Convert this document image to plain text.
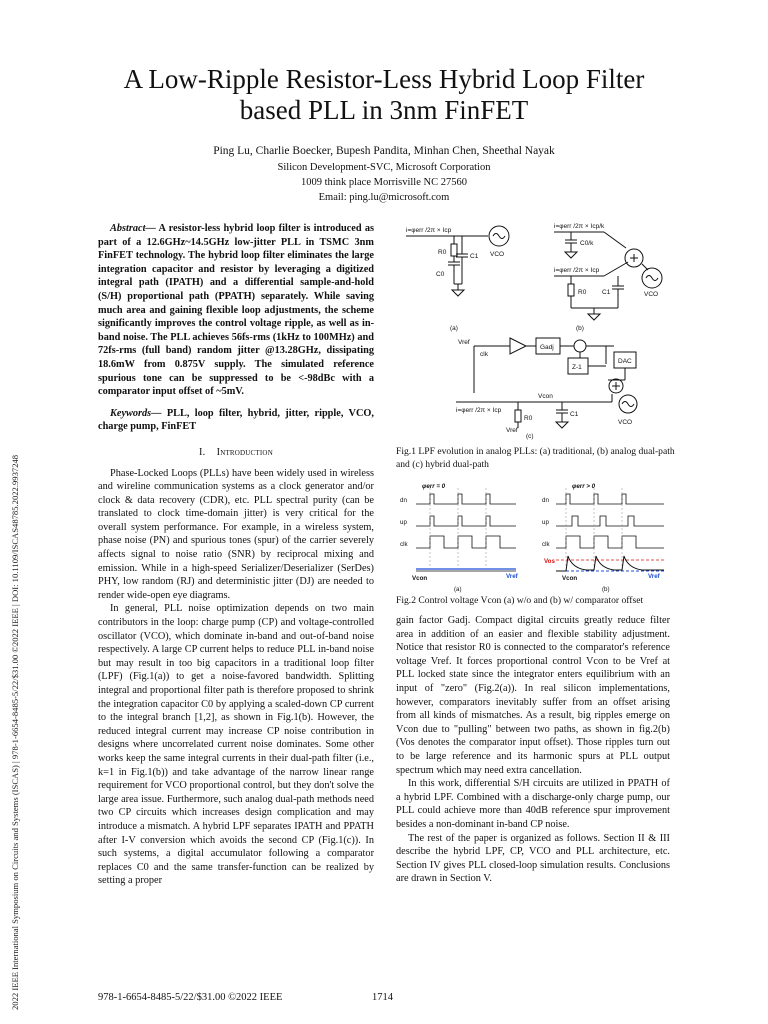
2022 IEEE International Symposium on Circuits and Systems (ISCAS) | 978-1-6654-8485-5/22/$31.00 ©2022 IEEE | DOI: 10.1109/ISCAS48785.2022.9937248
A Low-Ripple Resistor-Less Hybrid Loop Filter
based PLL in 3nm FinFET
Ping Lu, Charlie Boecker, Bupesh Pandita, Minhan Chen, Sheethal Nayak
Silicon Development-SVC, Microsoft Corporation
1009 think place Morrisville NC 27560
Email: ping.lu@microsoft.com

Abstract— A resistor-less hybrid loop filter is introduced as part of a 12.6GHz~14.5GHz low-jitter PLL in TSMC 3nm FinFET technology. The hybrid loop filter eliminates the large integration capacitor and resistor by leveraging a digitized integral path (IPATH) and a differential sample-and-hold (S/H) proportional path (PPATH) separately. While saving much area and gaining flexible loop adjustments, the scheme significantly improves the control voltage ripple, as well as in-band noise. The PLL achieves 56fs-rms (1kHz to 100MHz) and 72fs-rms (full band) random jitter @13.28GHz, dissipating 18.6mW from 0.875V supply. The simulated reference spurious tone can be suppressed to be <-98dBc with a comparator input offset of ~5mV.

Keywords— PLL, loop filter, hybrid, jitter, ripple, VCO, charge pump, FinFET

I. Introduction

Phase-Locked Loops (PLLs) have been widely used in wireless and wireline communication systems as a clock generator and/or clock & data recovery (CDR), etc. PLL spectral purity (can be translated to clock time-domain jitter) is very critical for the overall system performance. For example, in a wireless system, phase noise (PN) and spurious tones (spur) of the carrier severely affects signal to noise ratio (SNR) by reciprocal mixing and emission. While in a high-speed Serializer/Deserializer (SerDes) PHY, low random (RJ) and deterministic jitter (DJ) are needed to render wide-open eye diagrams.

In general, PLL noise optimization depends on two main contributors in the loop: charge pump (CP) and voltage-controlled oscillator (VCO), which dominate in-band and out-of-band noise respectively. A large CP current helps to reduce PLL in-band noise but may result in too big capacitors in a traditional loop filter (LPF) (Fig.1(a)) to get a noise-favored bandwidth. Splitting integral and proportional filter path is therefore proposed to shrink the integration capacitor C0 by applying a scaled-down CP current to the integral branch [1,2], as shown in Fig.1(b). However, the reduced integral current may increase CP noise contribution in designs where uncorrelated current noise dominates. Some other works keep the same integral currents in their dual-path filter (i.e., k=1 in Fig.1(b)) and take advantage of the narrow linear range requirement for VCO proportional control, but they don't solve the large area issue. Furthermore, such analog dual-path methods need two CP circuits which increases design complication and may introduce a mismatch. A hybrid LPF separates IPATH and PPATH after I-V conversion which avoids the second CP (Fig.1(c)). In such systems, a digital accumulator following a comparator replaces C0 and the same transfer-function can be realized by setting a proper

i=φerr /2π × Icp
R0
C0
C1 VCO
(a)
i=φerr /2π × Icp/k
C0/k
i=φerr /2π × Icp
R0 C1	VCO
(b)
Vref
clk
Gadj
Z-1
DAC
Vcon
i=φerr /2π × Icp
R0
Vref
C1
VCO
(c)
Fig.1 LPF evolution in analog PLLs: (a) traditional, (b) analog dual-path and (c) hybrid dual-path
φerr = 0
dn
up
clk
Vcon	Vref
(a)
φerr > 0
dn
up
clk
Vos
Vcon	Vref
(b)
Fig.2 Control voltage Vcon (a) w/o and (b) w/ comparator offset

gain factor Gadj. Compact digital circuits greatly reduce filter area in addition of an easier and flexible stability adjustment. Notice that resistor R0 is connected to the comparator's reference voltage Vref. It forces proportional control Vcon to be Vref at PLL locked state since the integrator enters equilibrium with an input of "zero" (Fig.2(a)). In real silicon implementations, however, comparators inevitably suffer from an offset arising from all kinds of mismatches. As a result, big ripples emerge on Vcon due to "pulling" between two paths, as shown in fig.2(b) (Vos denotes the comparator input offset). Those ripples turn out to be large reference and its harmonic spurs at PLL output spectrum which may need extra cancellation.

In this work, differential S/H circuits are utilized in PPATH of a hybrid LPF. Combined with a discharge-only charge pump, our PLL could achieve more than 40dB reference spur improvement besides a non-dominant in-band CP noise.

The rest of the paper is organized as follows. Section II & III describe the hybrid LPF, CP, VCO and PLL architecture, etc. Section IV gives PLL closed-loop simulation results. Conclusions are drawn in Section V.

978-1-6654-8485-5/22/$31.00 ©2022 IEEE	1714
